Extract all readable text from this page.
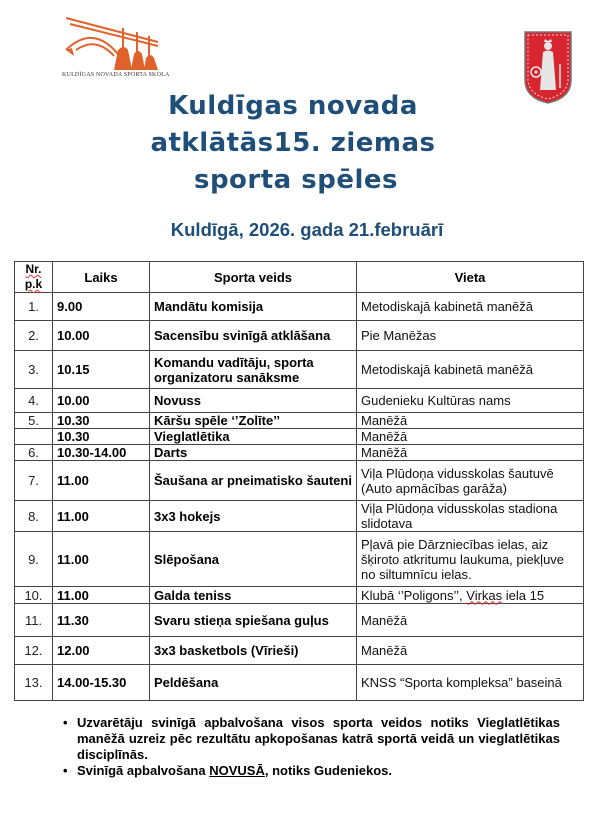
KULDĪGAS NOVADA SPORTA SKOLA
Kuldīgas novada
atklātās15. ziemas
sporta spēles
Kuldīgā, 2026. gada 21.februārī
Nr.
p.k	Laiks	Sporta veids	Vieta
1.	9.00	Mandātu komisija	Metodiskajā kabinetā manēžā
2.	10.00	Sacensību svinīgā atklāšana	Pie Manēžas
3.	10.15	Komandu vadītāju, sporta organizatoru sanāksme	Metodiskajā kabinetā manēžā
4.	10.00	Novuss	Gudenieku Kultūras nams
5.	10.30	Kāršu spēle ‘’Zolīte’’	Manēžā
	10.30	Vieglatlētika	Manēžā
6.	10.30-14.00	Darts	Manēžā
7.	11.00	Šaušana ar pneimatisko šauteni	Viļa Plūdoņa vidusskolas šautuvē (Auto apmācības garāža)
8.	11.00	3x3 hokejs	Viļa Plūdoņa vidusskolas stadiona slidotava
9.	11.00	Slēpošana	Pļavā pie Dārzniecības ielas, aiz šķiroto atkritumu laukuma, piekļuve no siltumnīcu ielas.
10.	11.00	Galda teniss	Klubā ‘’Poligons’’, Virkas iela 15
11.	11.30	Svaru stieņa spiešana guļus	Manēžā
12.	12.00	3x3 basketbols (Vīrieši)	Manēžā
13.	14.00-15.30	Peldēšana	KNSS “Sporta kompleksa” baseinā
• Uzvarētāju svinīgā apbalvošana visos sporta veidos notiks Vieglatlētikas manēžā uzreiz pēc rezultātu apkopošanas katrā sportā veidā un vieglatlētikas disciplīnās.
• Svinīgā apbalvošana NOVUSĀ, notiks Gudeniekos.
